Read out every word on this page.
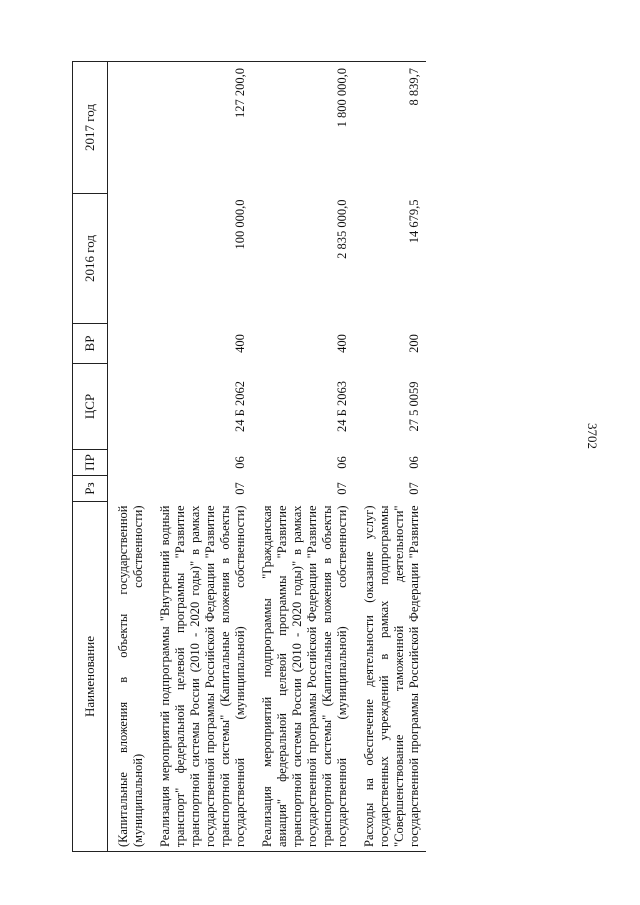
3702
Наименование	Рз	ПР	ЦСР	ВР	2016 год	2017 год
(Капитальные вложения в объекты государственной (муниципальной) собственности)						
Реализация мероприятий подпрограммы "Внутренний водный транспорт" федеральной целевой программы "Развитие транспортной системы России (2010 - 2020 годы)" в рамках государственной программы Российской Федерации "Развитие транспортной системы" (Капитальные вложения в объекты государственной (муниципальной) собственности)	07	06	24 Б 2062	400	100 000,0	127 200,0
Реализация мероприятий подпрограммы "Гражданская авиация" федеральной целевой программы "Развитие транспортной системы России (2010 - 2020 годы)" в рамках государственной программы Российской Федерации "Развитие транспортной системы" (Капитальные вложения в объекты государственной (муниципальной) собственности)	07	06	24 Б 2063	400	2 835 000,0	1 800 000,0
Расходы на обеспечение деятельности (оказание услуг) государственных учреждений в рамках подпрограммы "Совершенствование таможенной деятельности" государственной программы Российской Федерации "Развитие	07	06	27 5 0059	200	14 679,5	8 839,7
